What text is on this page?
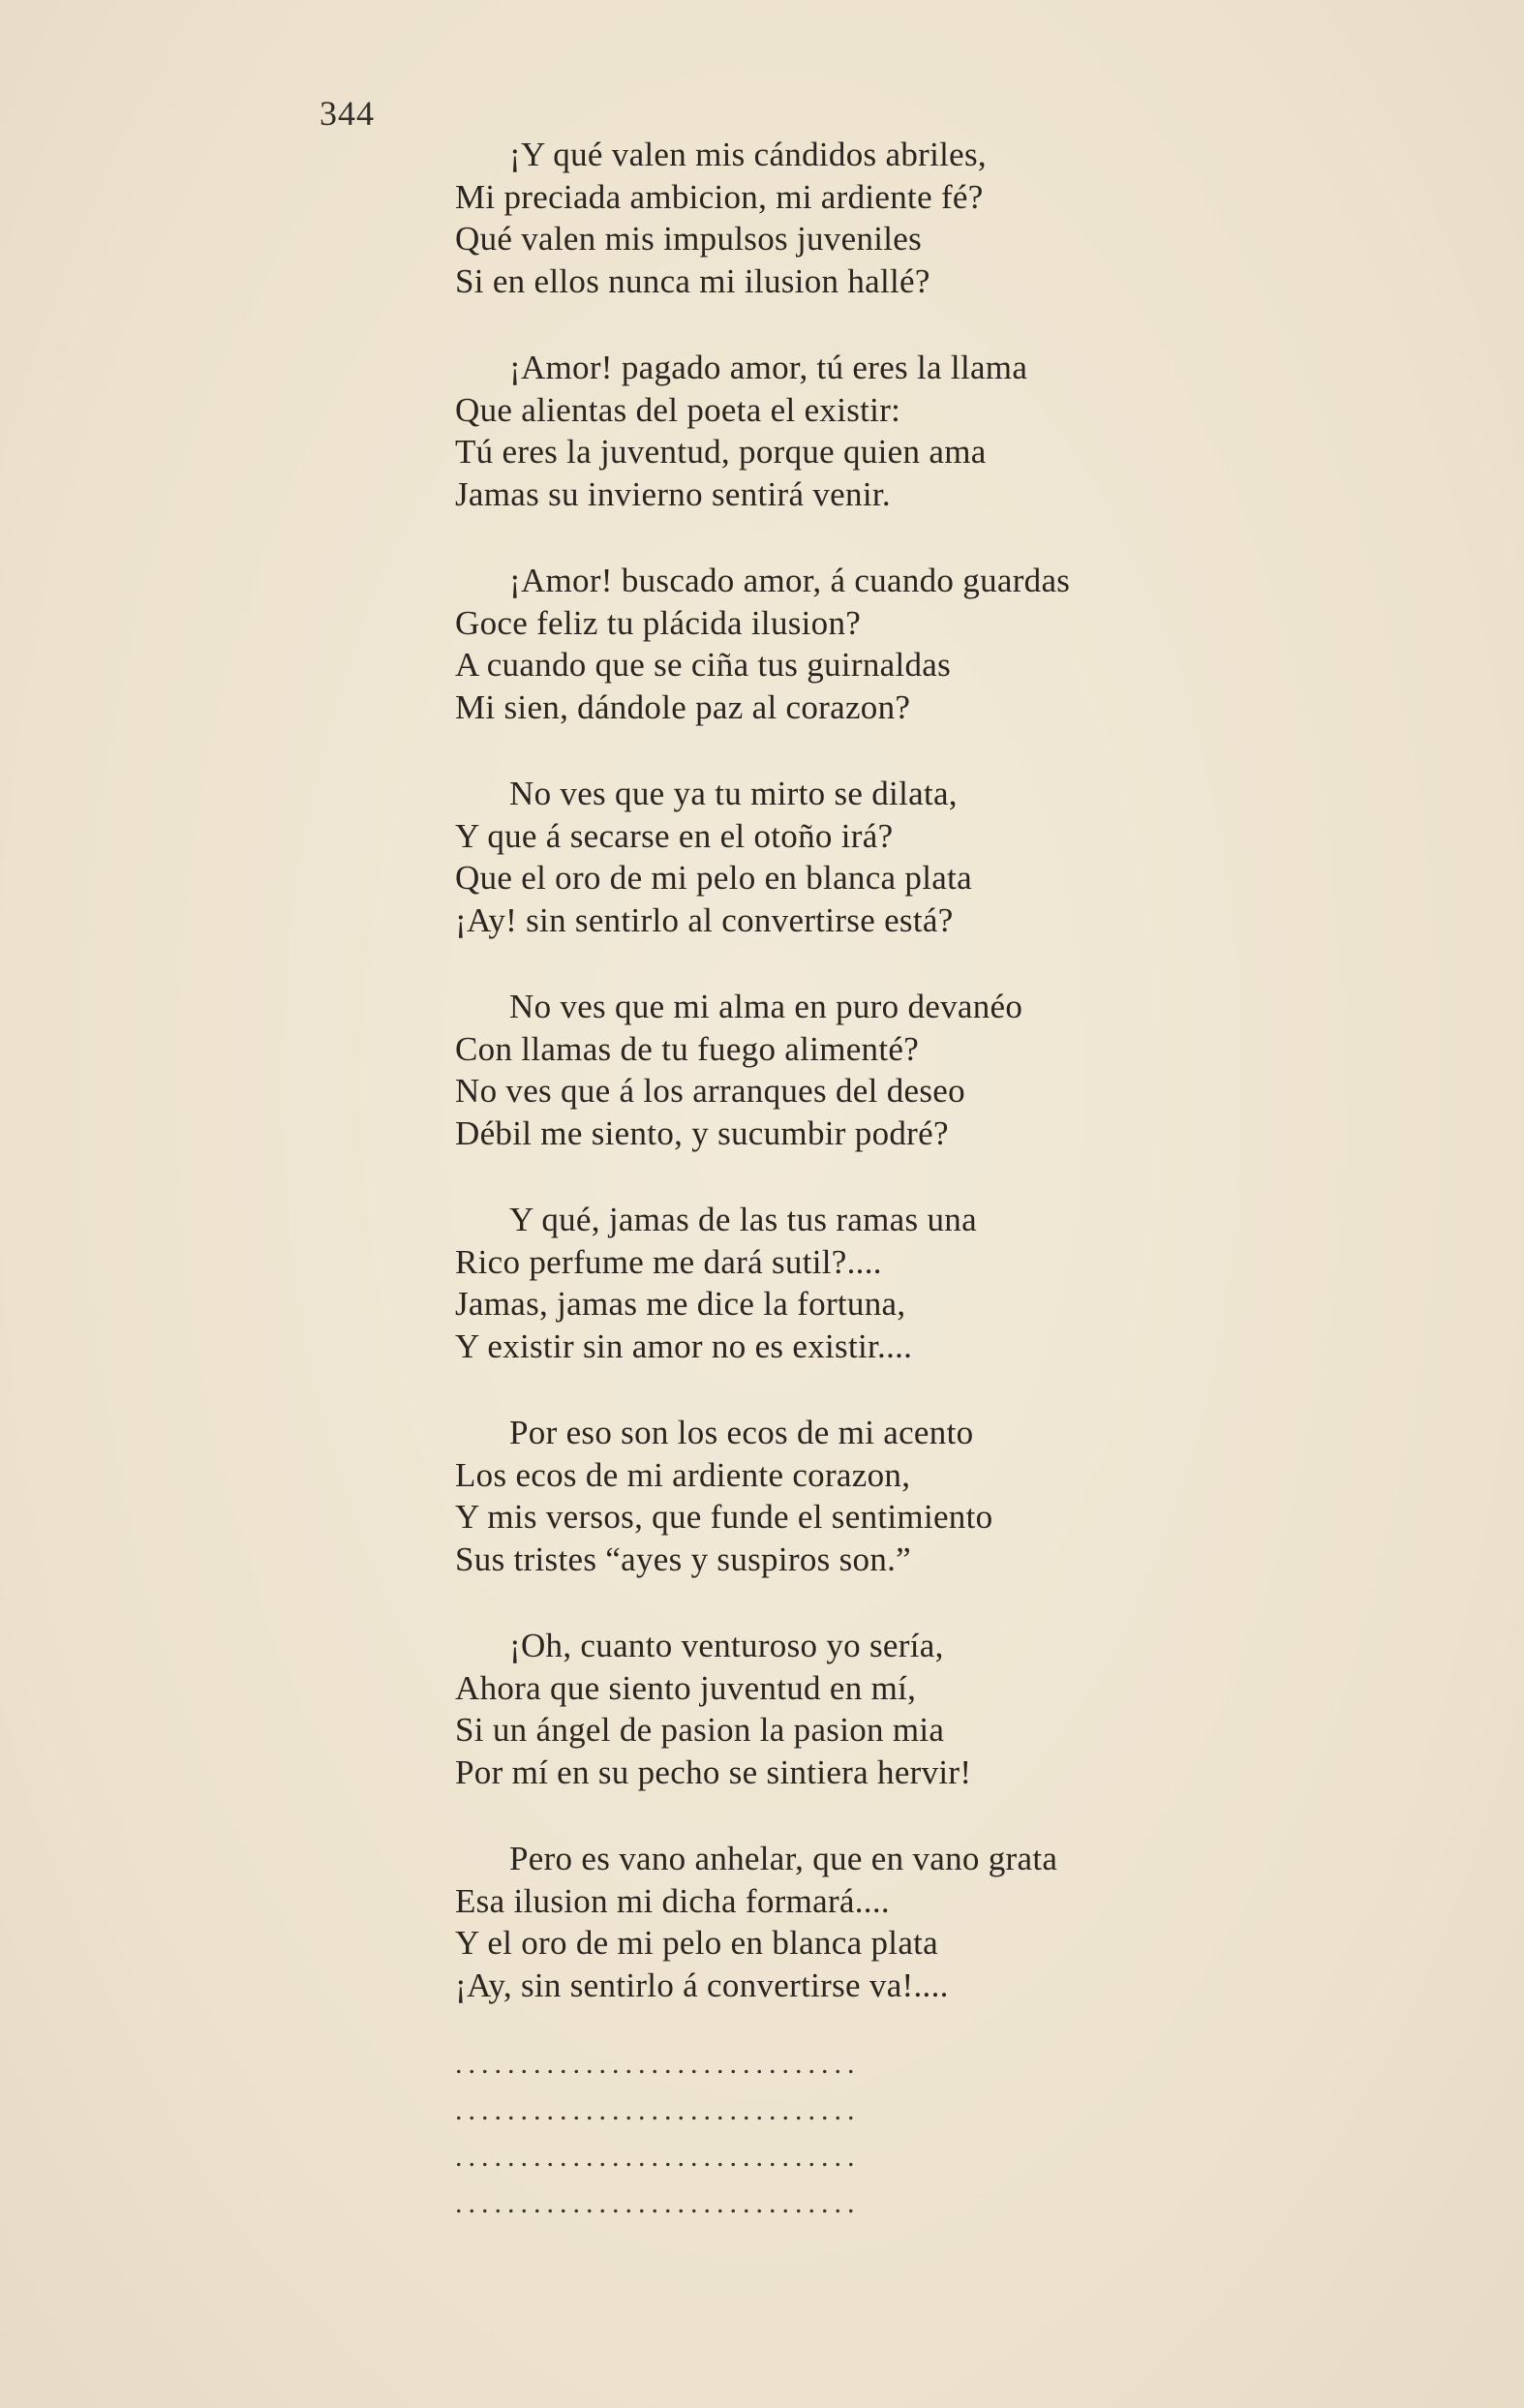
344
¡Y qué valen mis cándidos abriles,
Mi preciada ambicion, mi ardiente fé?
Qué valen mis impulsos juveniles
Si en ellos nunca mi ilusion hallé?
¡Amor! pagado amor, tú eres la llama
Que alientas del poeta el existir:
Tú eres la juventud, porque quien ama
Jamas su invierno sentirá venir.
¡Amor! buscado amor, á cuando guardas
Goce feliz tu plácida ilusion?
A cuando que se ciña tus guirnaldas
Mi sien, dándole paz al corazon?
No ves que ya tu mirto se dilata,
Y que á secarse en el otoño irá?
Que el oro de mi pelo en blanca plata
¡Ay! sin sentirlo al convertirse está?
No ves que mi alma en puro devanéo
Con llamas de tu fuego alimenté?
No ves que á los arranques del deseo
Débil me siento, y sucumbir podré?
Y qué, jamas de las tus ramas una
Rico perfume me dará sutil?....
Jamas, jamas me dice la fortuna,
Y existir sin amor no es existir....
Por eso son los ecos de mi acento
Los ecos de mi ardiente corazon,
Y mis versos, que funde el sentimiento
Sus tristes “ayes y suspiros son.”
¡Oh, cuanto venturoso yo sería,
Ahora que siento juventud en mí,
Si un ángel de pasion la pasion mia
Por mí en su pecho se sintiera hervir!
Pero es vano anhelar, que en vano grata
Esa ilusion mi dicha formará....
Y el oro de mi pelo en blanca plata
¡Ay, sin sentirlo á convertirse va!....
...............................
...............................
...............................
...............................
